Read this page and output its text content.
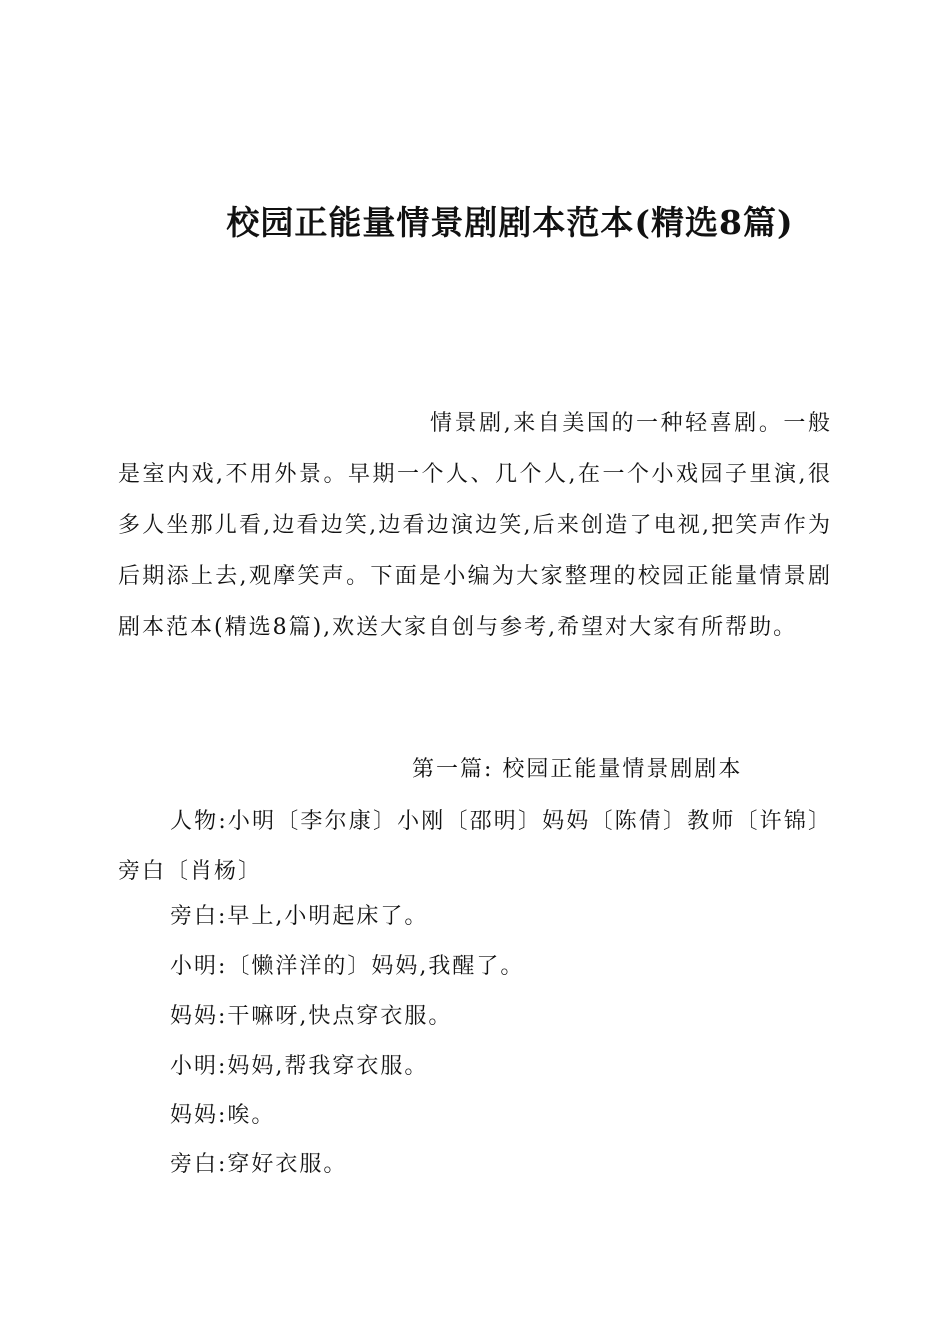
校园正能量情景剧剧本范本(精选8篇)

情景剧,来自美国的一种轻喜剧。一般是室内戏,不用外景。早期一个人、几个人,在一个小戏园子里演,很多人坐那儿看,边看边笑,边看边演边笑,后来创造了电视,把笑声作为后期添上去,观摩笑声。下面是小编为大家整理的校园正能量情景剧剧本范本(精选8篇),欢送大家自创与参考,希望对大家有所帮助。

第一篇: 校园正能量情景剧剧本

人物:小明〔李尔康〕小刚〔邵明〕妈妈〔陈倩〕教师〔许锦〕旁白〔肖杨〕

旁白:早上,小明起床了。

小明:〔懒洋洋的〕妈妈,我醒了。

妈妈:干嘛呀,快点穿衣服。

小明:妈妈,帮我穿衣服。

妈妈:唉。

旁白:穿好衣服。
